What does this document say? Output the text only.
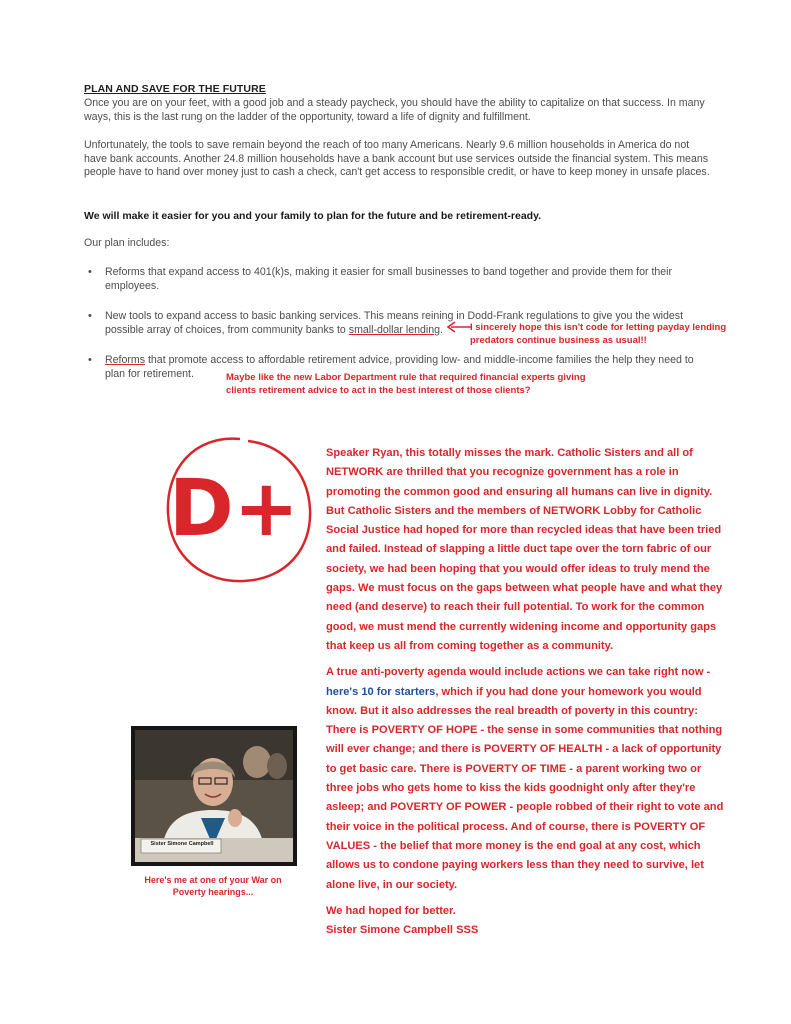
PLAN AND SAVE FOR THE FUTURE
Once you are on your feet, with a good job and a steady paycheck, you should have the ability to capitalize on that success. In many ways, this is the last rung on the ladder of the opportunity, toward a life of dignity and fulfillment.
Unfortunately, the tools to save remain beyond the reach of too many Americans. Nearly 9.6 million households in America do not have bank accounts. Another 24.8 million households have a bank account but use services outside the financial system. This means people have to hand over money just to cash a check, can't get access to responsible credit, or have to keep money in unsafe places.
We will make it easier for you and your family to plan for the future and be retirement-ready.
Our plan includes:
• Reforms that expand access to 401(k)s, making it easier for small businesses to band together and provide them for their employees.
• New tools to expand access to basic banking services. This means reining in Dodd-Frank regulations to give you the widest possible array of choices, from community banks to small-dollar lending.	I sincerely hope this isn't code for letting payday lending predators continue business as usual!!
• Reforms that promote access to affordable retirement advice, providing low- and middle-income families the help they need to plan for retirement.	Maybe like the new Labor Department rule that required financial experts giving clients retirement advice to act in the best interest of those clients?
D+

Speaker Ryan, this totally misses the mark. Catholic Sisters and all of NETWORK are thrilled that you recognize government has a role in promoting the common good and ensuring all humans can live in dignity. But Catholic Sisters and the members of NETWORK Lobby for Catholic Social Justice had hoped for more than recycled ideas that have been tried and failed. Instead of slapping a little duct tape over the torn fabric of our society, we had been hoping that you would offer ideas to truly mend the gaps. We must focus on the gaps between what people have and what they need (and deserve) to reach their full potential. To work for the common good, we must mend the currently widening income and opportunity gaps that keep us all from coming together as a community.

A true anti-poverty agenda would include actions we can take right now - here's 10 for starters, which if you had done your homework you would know. But it also addresses the real breadth of poverty in this country: There is POVERTY OF HOPE - the sense in some communities that nothing will ever change; and there is POVERTY OF HEALTH - a lack of opportunity to get basic care. There is POVERTY OF TIME - a parent working two or three jobs who gets home to kiss the kids goodnight only after they're asleep; and POVERTY OF POWER - people robbed of their right to vote and their voice in the political process. And of course, there is POVERTY OF VALUES - the belief that more money is the end goal at any cost, which allows us to condone paying workers less than they need to survive, let alone live, in our society.

We had hoped for better.

Sister Simone Campbell SSS

Sister Simone Campbell
Here's me at one of your War on Poverty hearings...
